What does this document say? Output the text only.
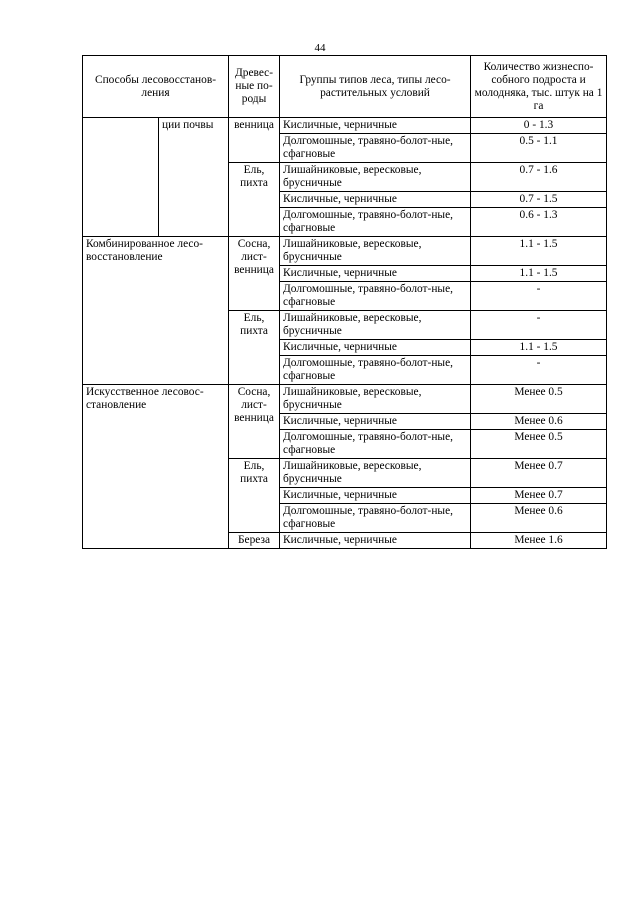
44
Способы лесовосстанов-ления		Древес-ные по-роды	Группы типов леса, типы лесо-растительных условий	Количество жизнеспо-собного подроста и молодняка, тыс. штук на 1 га
	ции почвы	венница	Кисличные, черничные	0 - 1.3
			Долгомошные, травяно-болот-ные, сфагновые	0.5 - 1.1
		Ель, пихта	Лишайниковые, вересковые, брусничные	0.7 - 1.6
			Кисличные, черничные	0.7 - 1.5
			Долгомошные, травяно-болот-ные, сфагновые	0.6 - 1.3
Комбинированное лесо-восстановление		Сосна, лист-венница	Лишайниковые, вересковые, брусничные	1.1 - 1.5
			Кисличные, черничные	1.1 - 1.5
			Долгомошные, травяно-болот-ные, сфагновые	-
		Ель, пихта	Лишайниковые, вересковые, брусничные	-
			Кисличные, черничные	1.1 - 1.5
			Долгомошные, травяно-болот-ные, сфагновые	-
Искусственное лесовос-становление		Сосна, лист-венница	Лишайниковые, вересковые, брусничные	Менее 0.5
			Кисличные, черничные	Менее 0.6
			Долгомошные, травяно-болот-ные, сфагновые	Менее 0.5
		Ель, пихта	Лишайниковые, вересковые, брусничные	Менее 0.7
			Кисличные, черничные	Менее 0.7
			Долгомошные, травяно-болот-ные, сфагновые	Менее 0.6
		Береза	Кисличные, черничные	Менее 1.6
